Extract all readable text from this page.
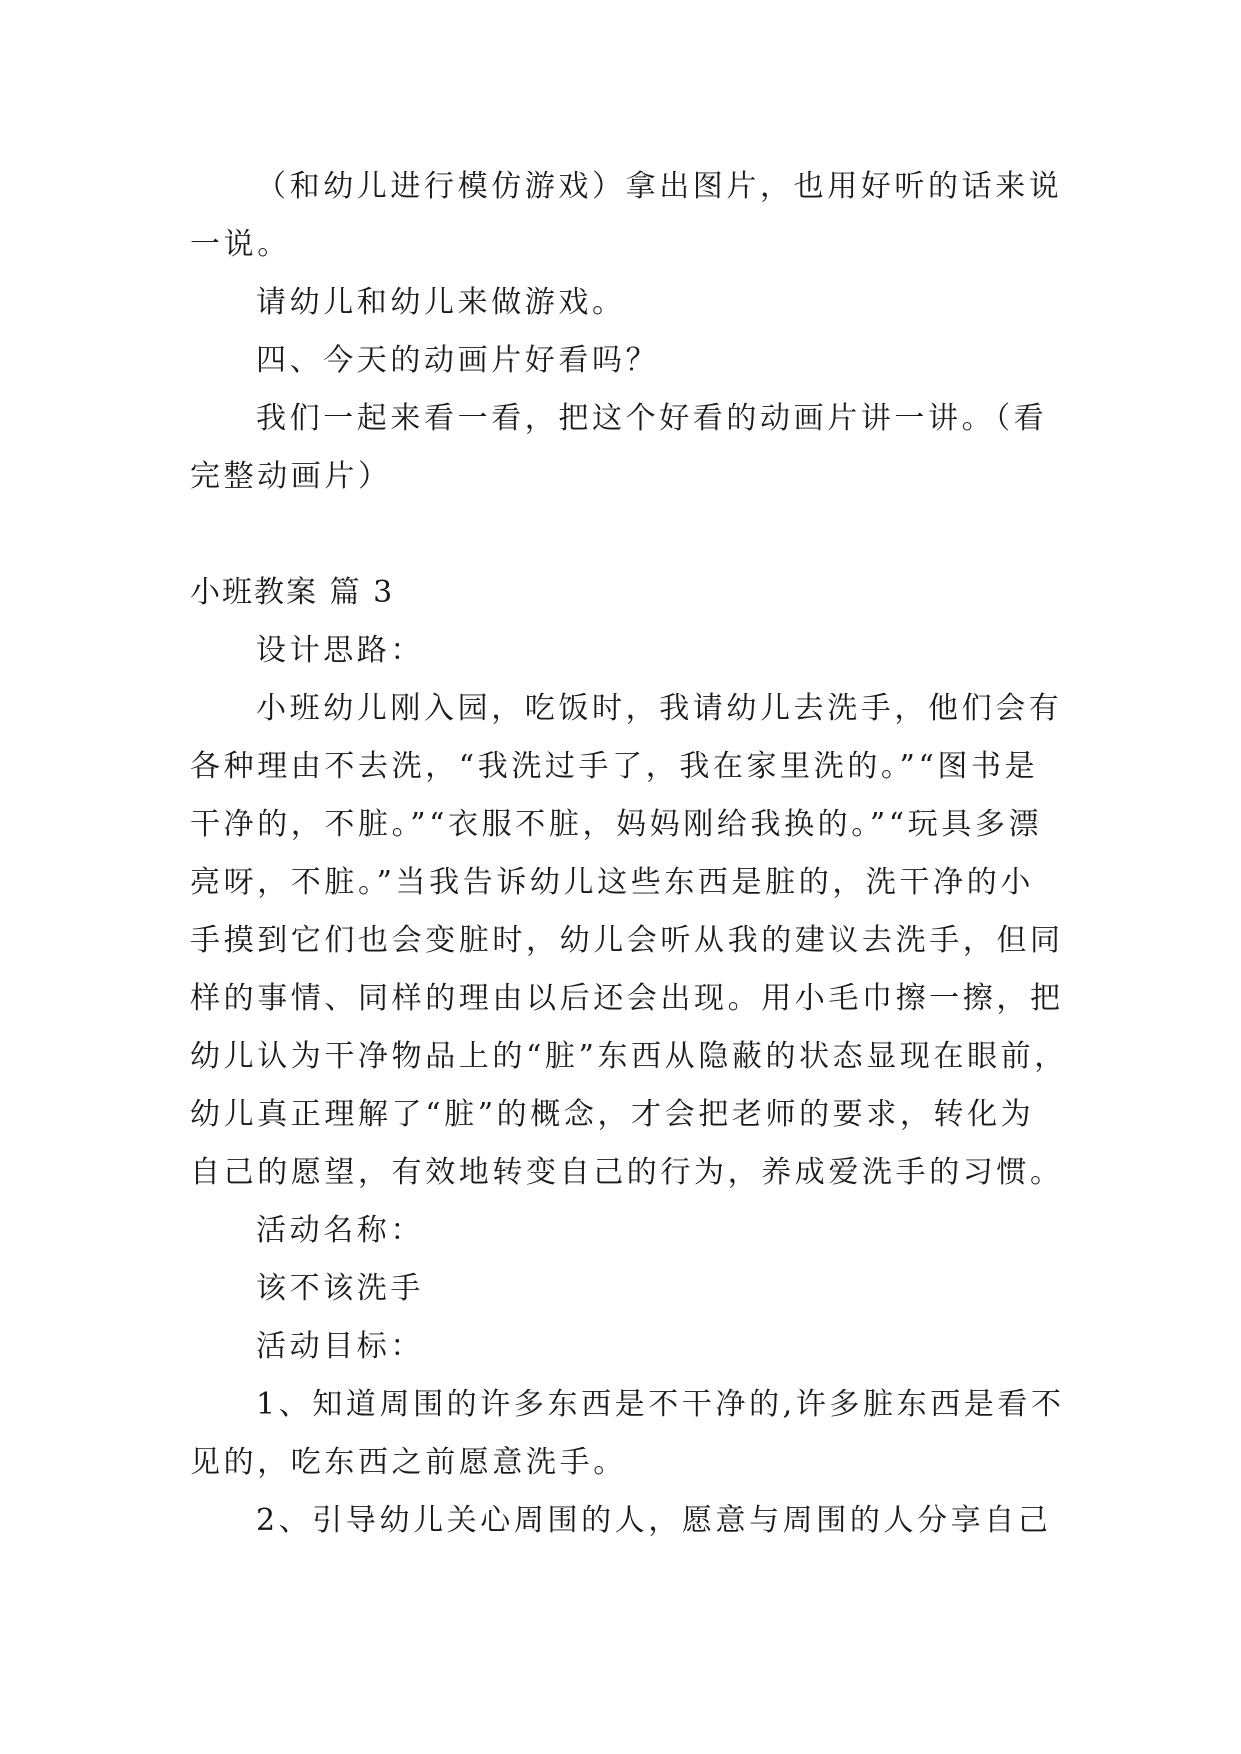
（和幼儿进行模仿游戏）拿出图片，也用好听的话来说

一说。

请幼儿和幼儿来做游戏。

四、今天的动画片好看吗？

我们一起来看一看，把这个好看的动画片讲一讲。（看

完整动画片）

小班教案 篇 3

设计思路：

小班幼儿刚入园，吃饭时，我请幼儿去洗手，他们会有

各种理由不去洗，“我洗过手了，我在家里洗的。”“图书是

干净的，不脏。”“衣服不脏，妈妈刚给我换的。”“玩具多漂

亮呀，不脏。”当我告诉幼儿这些东西是脏的，洗干净的小

手摸到它们也会变脏时，幼儿会听从我的建议去洗手，但同

样的事情、同样的理由以后还会出现。用小毛巾擦一擦，把

幼儿认为干净物品上的“脏”东西从隐蔽的状态显现在眼前，

幼儿真正理解了“脏”的概念，才会把老师的要求，转化为

自己的愿望，有效地转变自己的行为，养成爱洗手的习惯。

活动名称：

该不该洗手

活动目标：

1、知道周围的许多东西是不干净的,许多脏东西是看不

见的，吃东西之前愿意洗手。

2、引导幼儿关心周围的人，愿意与周围的人分享自己
